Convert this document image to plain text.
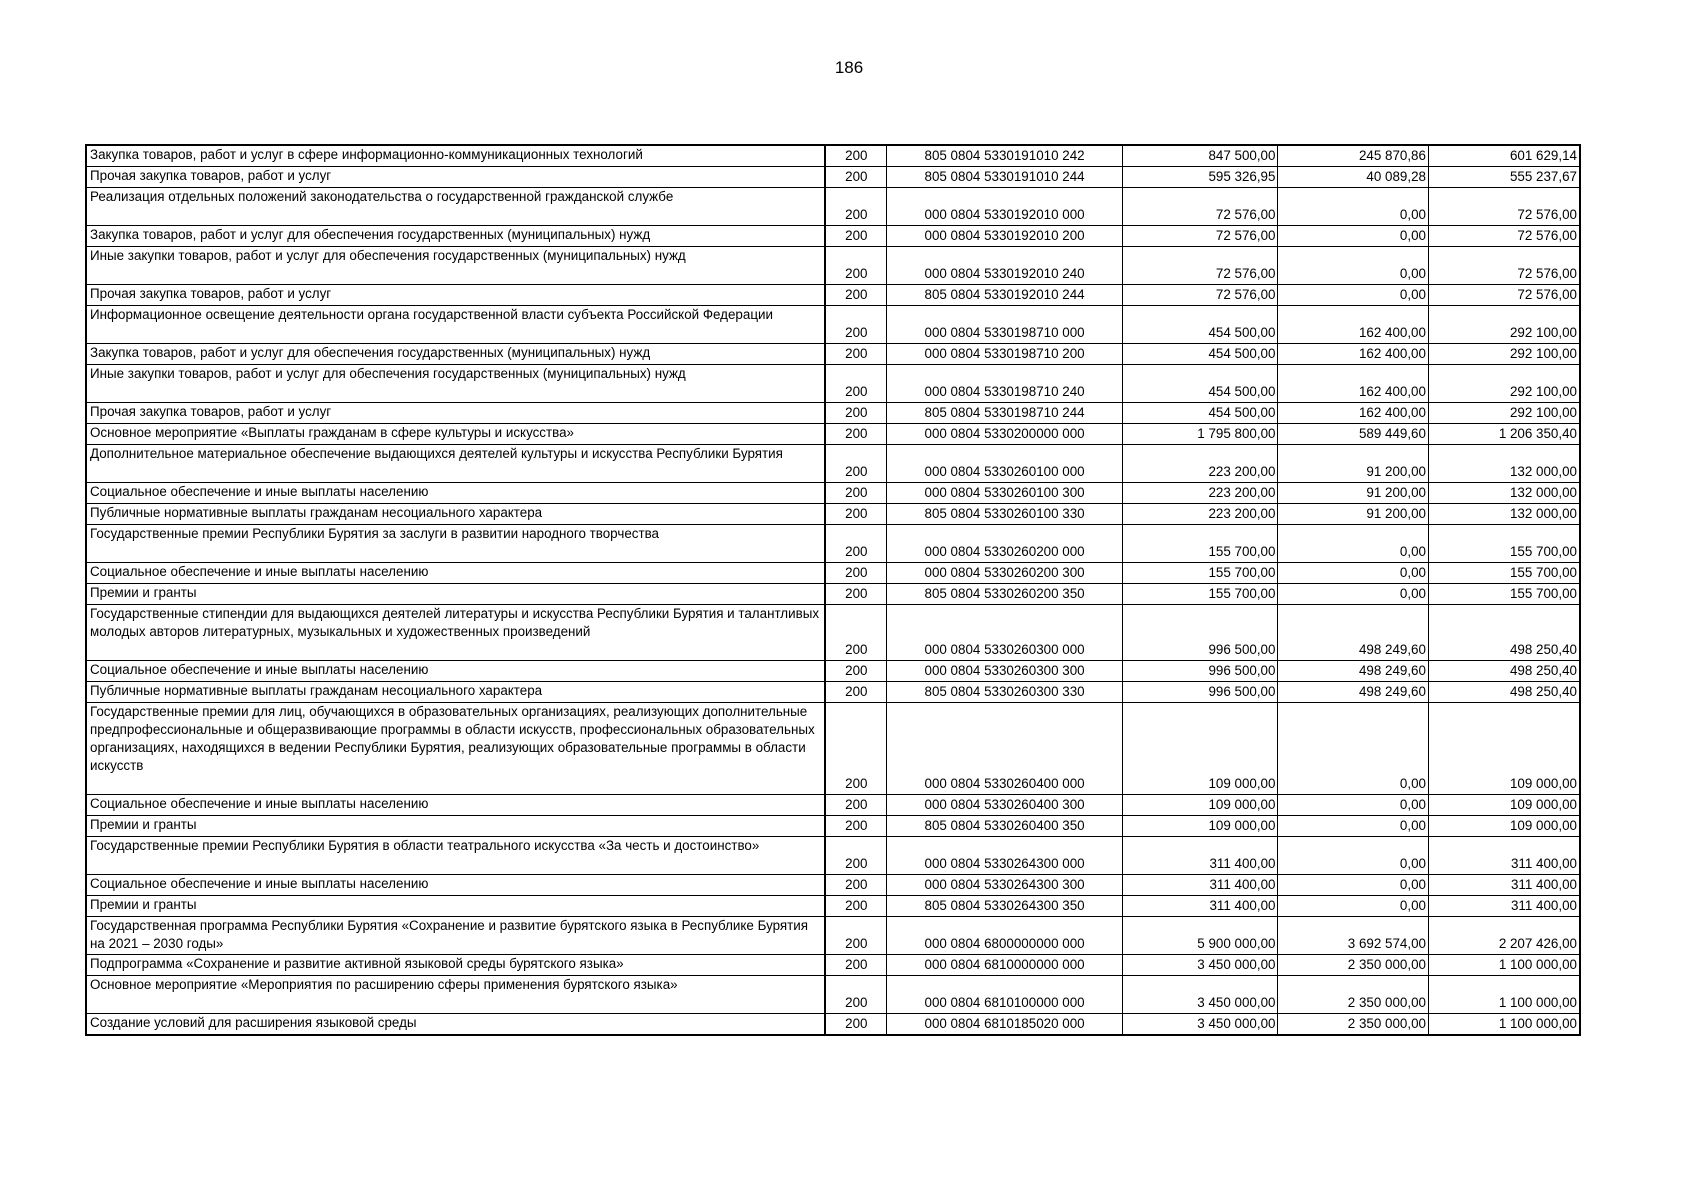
186
Закупка товаров, работ и услуг в сфере информационно-коммуникационных технологий	200	805 0804 5330191010 242	847 500,00	245 870,86	601 629,14
Прочая закупка товаров, работ и услуг	200	805 0804 5330191010 244	595 326,95	40 089,28	555 237,67
Реализация отдельных положений законодательства о государственной гражданской службе	200	000 0804 5330192010 000	72 576,00	0,00	72 576,00
Закупка товаров, работ и услуг для обеспечения государственных (муниципальных) нужд	200	000 0804 5330192010 200	72 576,00	0,00	72 576,00
Иные закупки товаров, работ и услуг для обеспечения государственных (муниципальных) нужд	200	000 0804 5330192010 240	72 576,00	0,00	72 576,00
Прочая закупка товаров, работ и услуг	200	805 0804 5330192010 244	72 576,00	0,00	72 576,00
Информационное освещение деятельности органа государственной власти субъекта Российской Федерации	200	000 0804 5330198710 000	454 500,00	162 400,00	292 100,00
Закупка товаров, работ и услуг для обеспечения государственных (муниципальных) нужд	200	000 0804 5330198710 200	454 500,00	162 400,00	292 100,00
Иные закупки товаров, работ и услуг для обеспечения государственных (муниципальных) нужд	200	000 0804 5330198710 240	454 500,00	162 400,00	292 100,00
Прочая закупка товаров, работ и услуг	200	805 0804 5330198710 244	454 500,00	162 400,00	292 100,00
Основное мероприятие «Выплаты гражданам в сфере культуры и искусства»	200	000 0804 5330200000 000	1 795 800,00	589 449,60	1 206 350,40
Дополнительное материальное обеспечение выдающихся деятелей культуры и искусства Республики Бурятия	200	000 0804 5330260100 000	223 200,00	91 200,00	132 000,00
Социальное обеспечение и иные выплаты населению	200	000 0804 5330260100 300	223 200,00	91 200,00	132 000,00
Публичные нормативные выплаты гражданам несоциального характера	200	805 0804 5330260100 330	223 200,00	91 200,00	132 000,00
Государственные премии Республики Бурятия за заслуги в развитии народного творчества	200	000 0804 5330260200 000	155 700,00	0,00	155 700,00
Социальное обеспечение и иные выплаты населению	200	000 0804 5330260200 300	155 700,00	0,00	155 700,00
Премии и гранты	200	805 0804 5330260200 350	155 700,00	0,00	155 700,00
Государственные стипендии для выдающихся деятелей литературы и искусства Республики Бурятия и талантливых молодых авторов литературных, музыкальных и художественных произведений	200	000 0804 5330260300 000	996 500,00	498 249,60	498 250,40
Социальное обеспечение и иные выплаты населению	200	000 0804 5330260300 300	996 500,00	498 249,60	498 250,40
Публичные нормативные выплаты гражданам несоциального характера	200	805 0804 5330260300 330	996 500,00	498 249,60	498 250,40
Государственные премии для лиц, обучающихся в образовательных организациях, реализующих дополнительные предпрофессиональные и общеразвивающие программы в области искусств, профессиональных образовательных организациях, находящихся в ведении Республики Бурятия, реализующих образовательные программы в области искусств	200	000 0804 5330260400 000	109 000,00	0,00	109 000,00
Социальное обеспечение и иные выплаты населению	200	000 0804 5330260400 300	109 000,00	0,00	109 000,00
Премии и гранты	200	805 0804 5330260400 350	109 000,00	0,00	109 000,00
Государственные премии Республики Бурятия в области театрального искусства «За честь и достоинство»	200	000 0804 5330264300 000	311 400,00	0,00	311 400,00
Социальное обеспечение и иные выплаты населению	200	000 0804 5330264300 300	311 400,00	0,00	311 400,00
Премии и гранты	200	805 0804 5330264300 350	311 400,00	0,00	311 400,00
Государственная программа Республики Бурятия «Сохранение и развитие бурятского языка в Республике Бурятия на 2021 – 2030 годы»	200	000 0804 6800000000 000	5 900 000,00	3 692 574,00	2 207 426,00
Подпрограмма «Сохранение и развитие активной языковой среды бурятского языка»	200	000 0804 6810000000 000	3 450 000,00	2 350 000,00	1 100 000,00
Основное мероприятие «Мероприятия по расширению сферы применения бурятского языка»	200	000 0804 6810100000 000	3 450 000,00	2 350 000,00	1 100 000,00
Создание условий для расширения языковой среды	200	000 0804 6810185020 000	3 450 000,00	2 350 000,00	1 100 000,00
